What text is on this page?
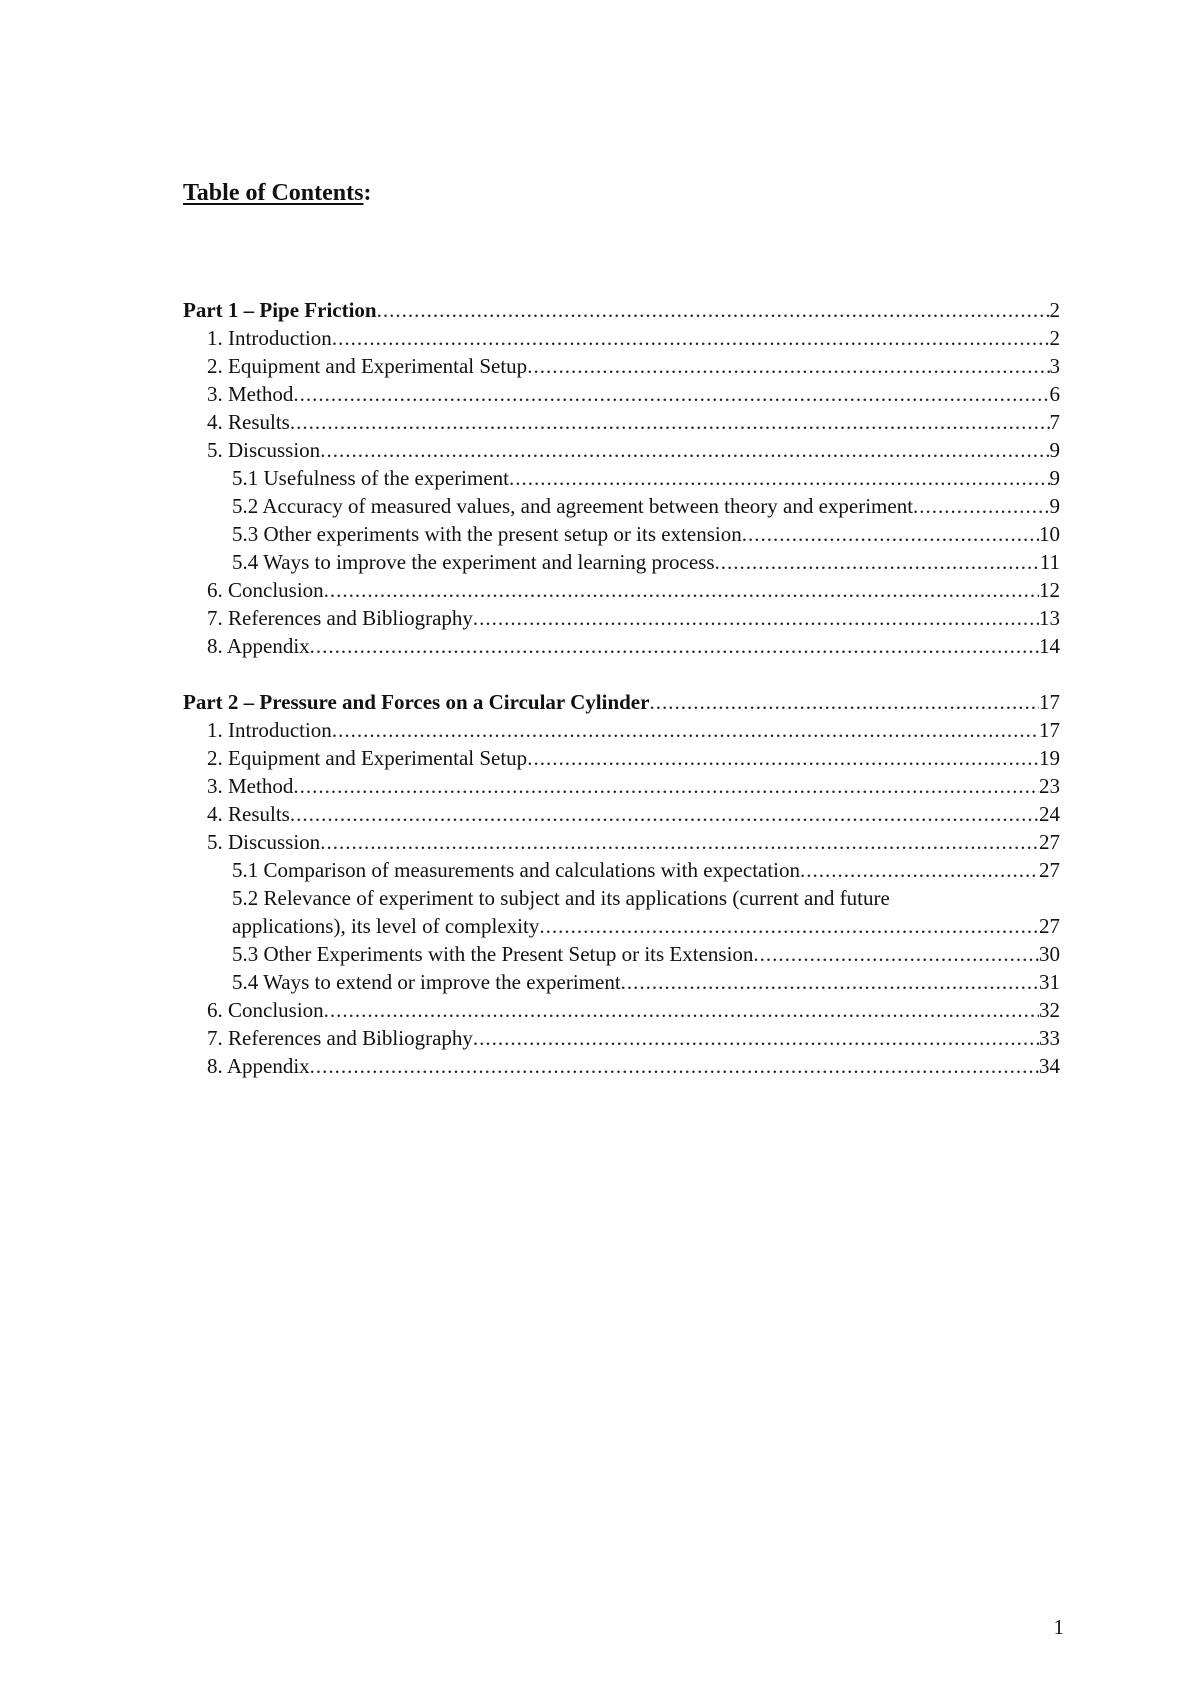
Table of Contents:
Part 1 – Pipe Friction .....	2
1. Introduction .....	2
2. Equipment and Experimental Setup .....	3
3. Method .....	6
4. Results .....	7
5. Discussion .....	9
5.1 Usefulness of the experiment .....	9
5.2 Accuracy of measured values, and agreement between theory and experiment .....	9
5.3 Other experiments with the present setup or its extension .....	10
5.4 Ways to improve the experiment and learning process .....	11
6. Conclusion .....	12
7. References and Bibliography .....	13
8. Appendix .....	14
Part 2 – Pressure and Forces on a Circular Cylinder .....	17
1. Introduction .....	17
2. Equipment and Experimental Setup .....	19
3. Method .....	23
4. Results .....	24
5. Discussion .....	27
5.1 Comparison of measurements and calculations with expectation .....	27
5.2 Relevance of experiment to subject and its applications (current and future
applications), its level of complexity .....	27
5.3 Other Experiments with the Present Setup or its Extension .....	30
5.4 Ways to extend or improve the experiment .....	31
6. Conclusion .....	32
7. References and Bibliography .....	33
8. Appendix .....	34
1
